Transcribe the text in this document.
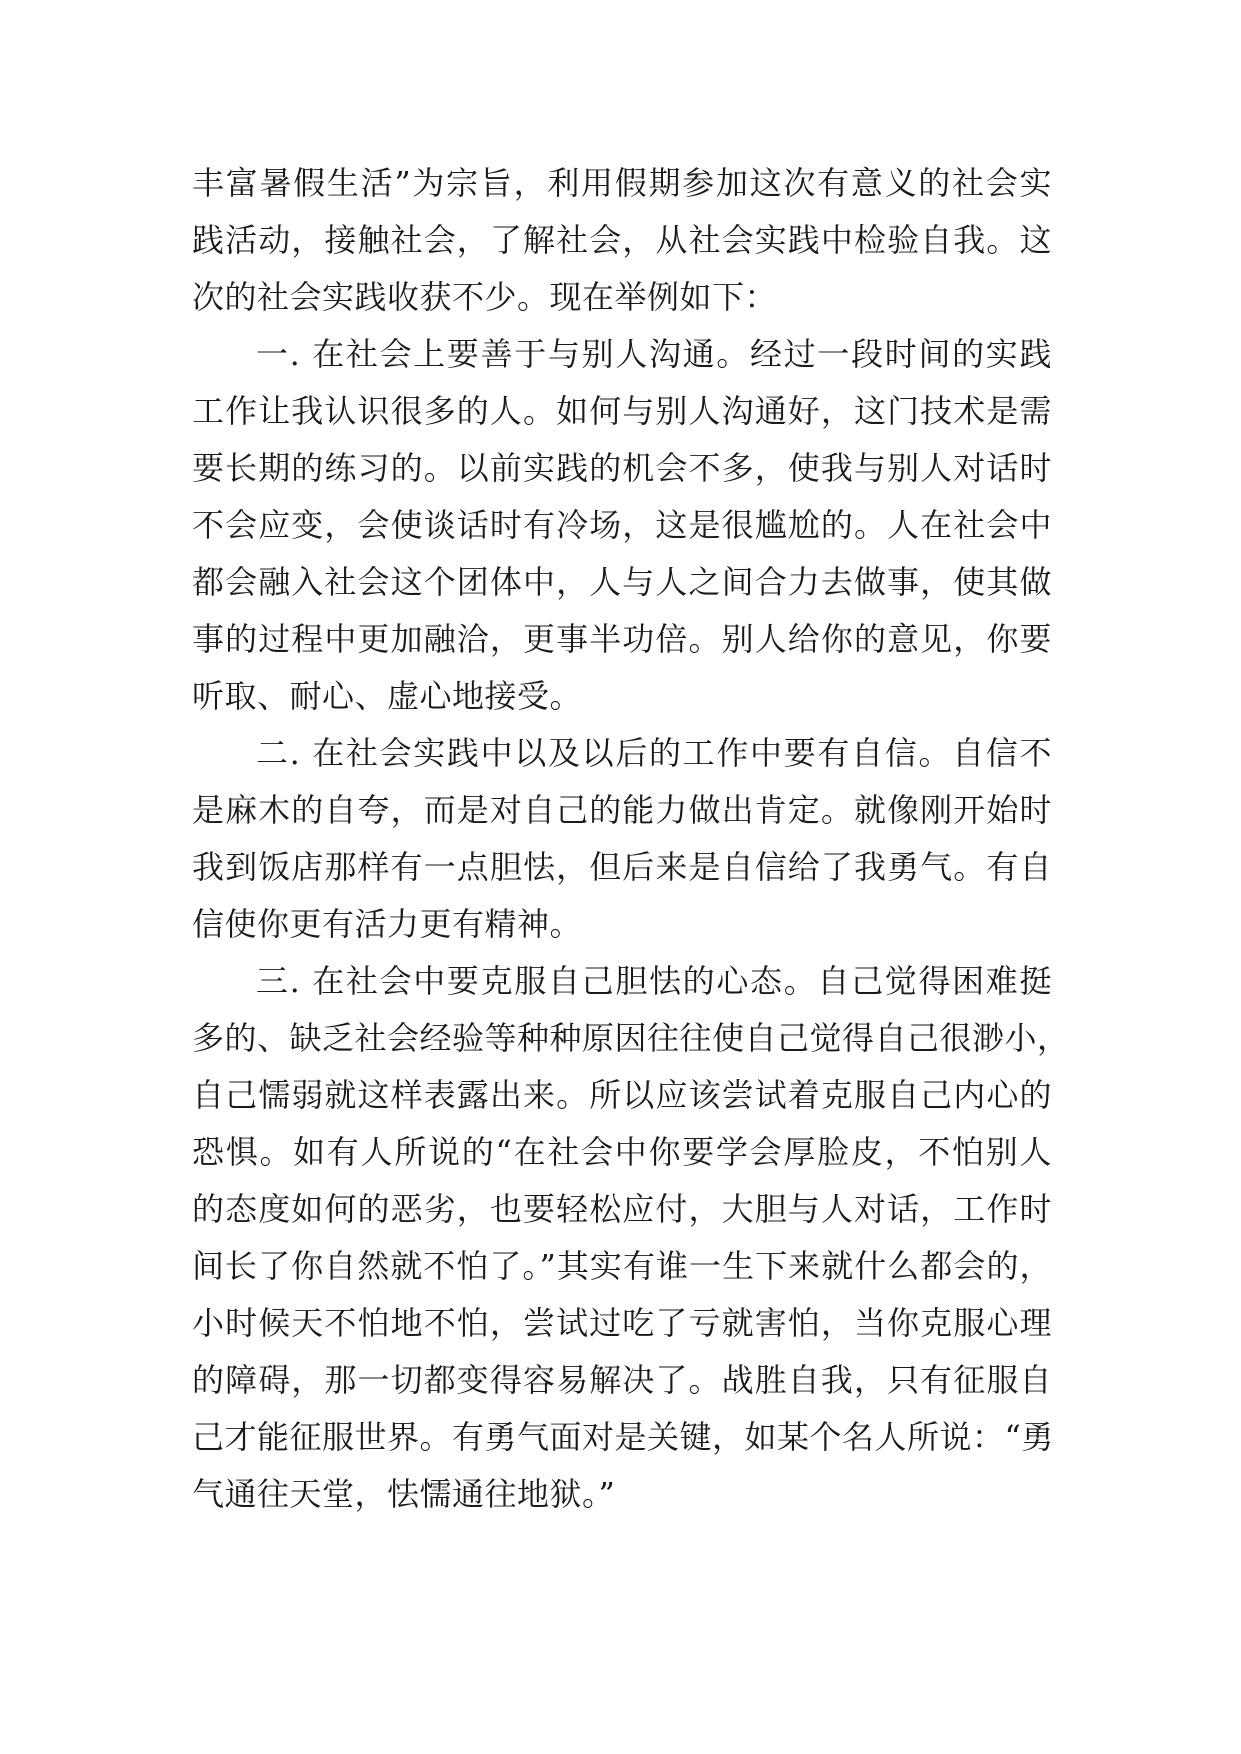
丰富暑假生活”为宗旨，利用假期参加这次有意义的社会实
践活动，接触社会，了解社会，从社会实践中检验自我。这
次的社会实践收获不少。现在举例如下：
一. 在社会上要善于与别人沟通。经过一段时间的实践
工作让我认识很多的人。如何与别人沟通好，这门技术是需
要长期的练习的。以前实践的机会不多，使我与别人对话时
不会应变，会使谈话时有冷场，这是很尴尬的。人在社会中
都会融入社会这个团体中，人与人之间合力去做事，使其做
事的过程中更加融洽，更事半功倍。别人给你的意见，你要
听取、耐心、虚心地接受。
二. 在社会实践中以及以后的工作中要有自信。自信不
是麻木的自夸，而是对自己的能力做出肯定。就像刚开始时
我到饭店那样有一点胆怯，但后来是自信给了我勇气。有自
信使你更有活力更有精神。
三. 在社会中要克服自己胆怯的心态。自己觉得困难挺
多的、缺乏社会经验等种种原因往往使自己觉得自己很渺小，
自己懦弱就这样表露出来。所以应该尝试着克服自己内心的
恐惧。如有人所说的“在社会中你要学会厚脸皮，不怕别人
的态度如何的恶劣，也要轻松应付，大胆与人对话，工作时
间长了你自然就不怕了。”其实有谁一生下来就什么都会的，
小时候天不怕地不怕，尝试过吃了亏就害怕，当你克服心理
的障碍，那一切都变得容易解决了。战胜自我，只有征服自
己才能征服世界。有勇气面对是关键，如某个名人所说：“勇
气通往天堂，怯懦通往地狱。”
